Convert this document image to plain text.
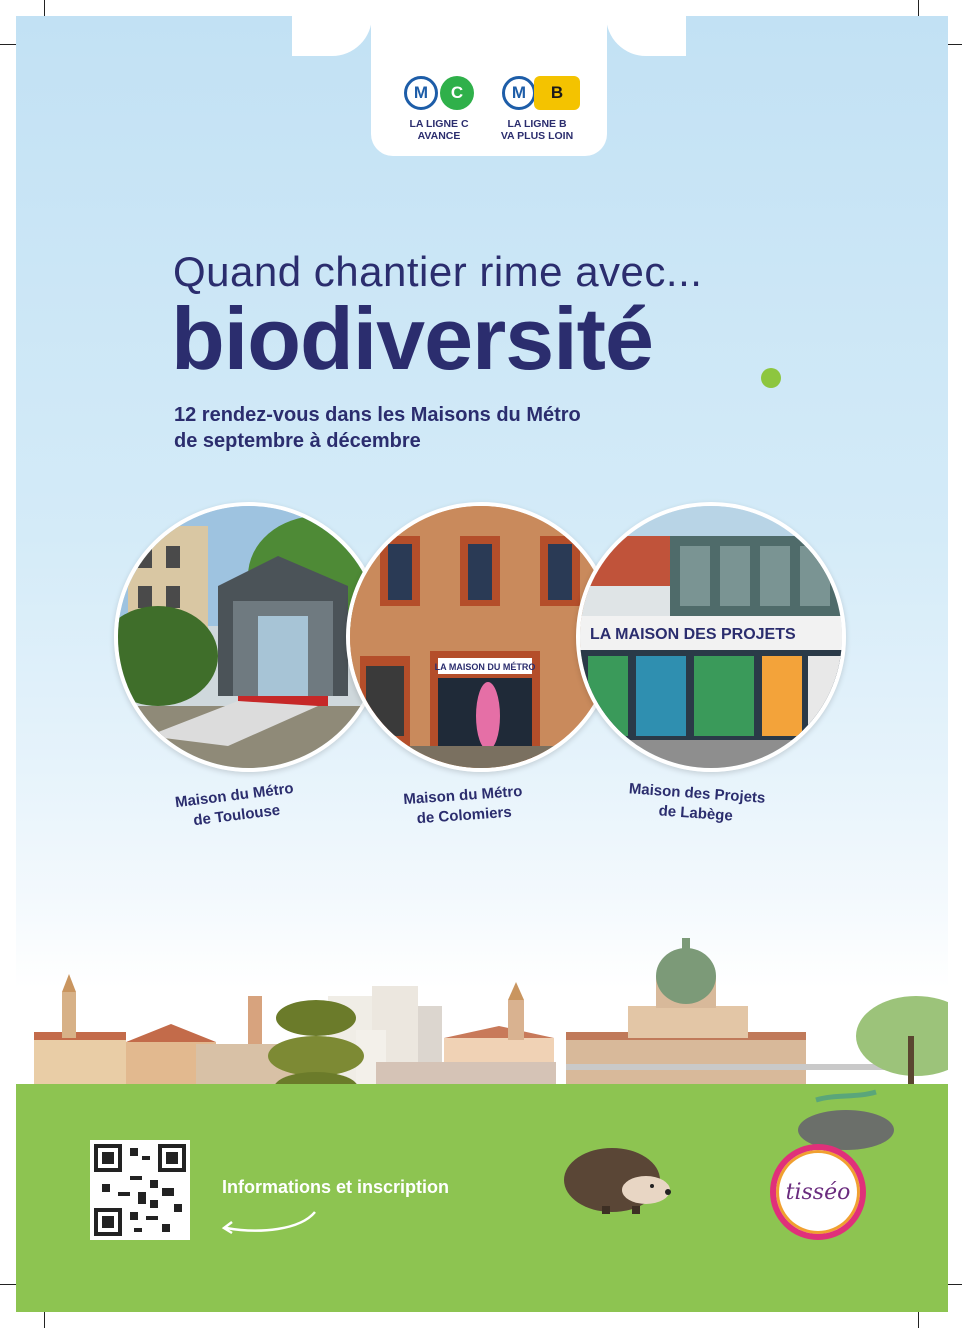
M	C
LA LIGNE C
AVANCE
M	B
LA LIGNE B
VA PLUS LOIN
Quand chantier rime avec...
biodiversité
12 rendez-vous dans les Maisons du Métro
de septembre à décembre
LA MAISON DU MÉTRO
LA MAISON DES PROJETS
Maison du Métro
de Toulouse
Maison du Métro
de Colomiers
Maison des Projets
de Labège
Informations et inscription	tisséo
